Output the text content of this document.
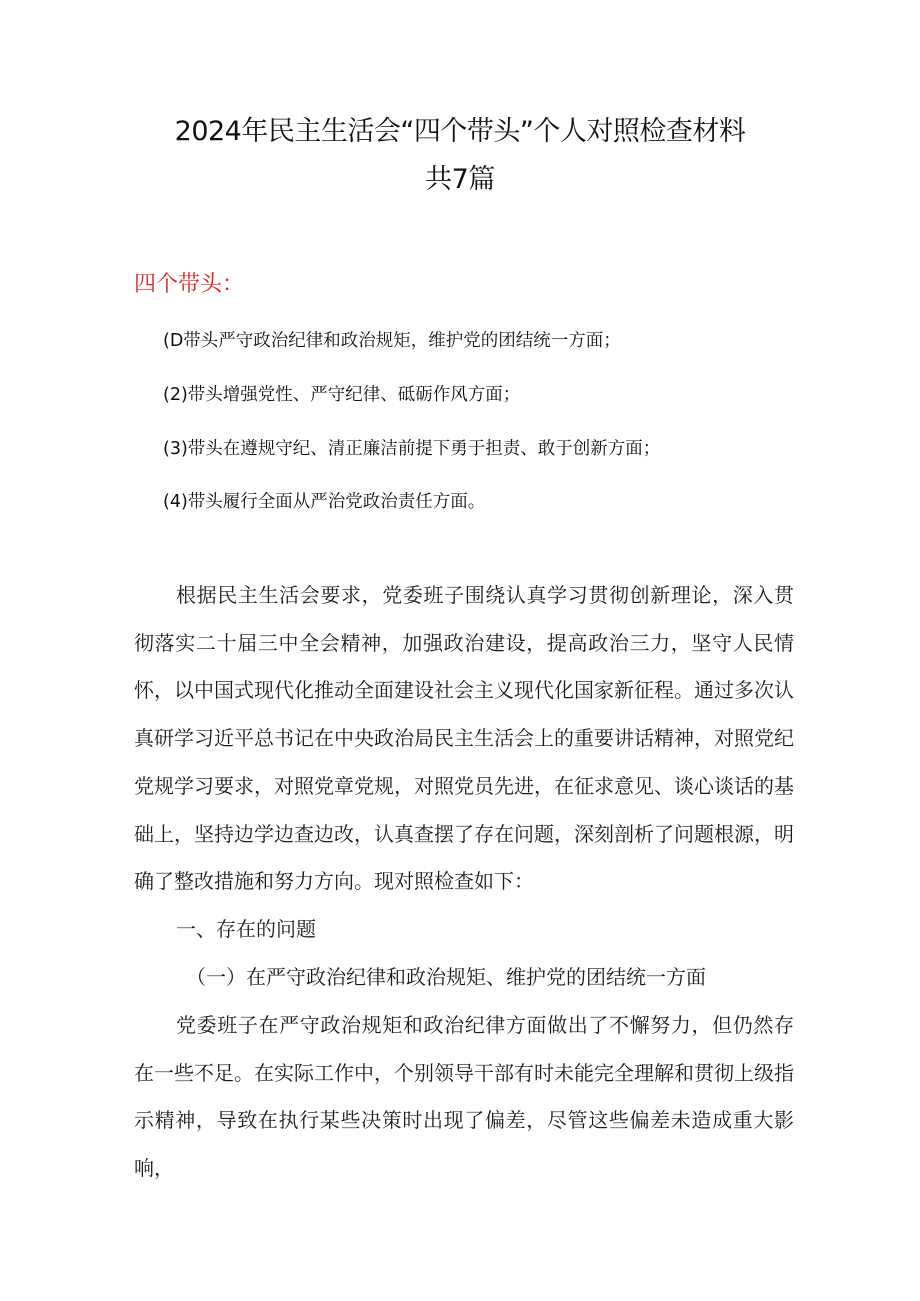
2024年民主生活会“四个带头”个人对照检查材料
共7篇
四个带头：
(D带头严守政治纪律和政治规矩，维护党的团结统一方面；
(2)带头增强党性、严守纪律、砥砺作风方面；
(3)带头在遵规守纪、清正廉洁前提下勇于担责、敢于创新方面；
(4)带头履行全面从严治党政治责任方面。

根据民主生活会要求，党委班子围绕认真学习贯彻创新理论，深入贯彻落实二十届三中全会精神，加强政治建设，提高政治三力，坚守人民情怀，以中国式现代化推动全面建设社会主义现代化国家新征程。通过多次认真研学习近平总书记在中央政治局民主生活会上的重要讲话精神，对照党纪党规学习要求，对照党章党规，对照党员先进，在征求意见、谈心谈话的基础上，坚持边学边查边改，认真查摆了存在问题，深刻剖析了问题根源，明确了整改措施和努力方向。现对照检查如下：

一、存在的问题
（一）在严守政治纪律和政治规矩、维护党的团结统一方面

党委班子在严守政治规矩和政治纪律方面做出了不懈努力，但仍然存在一些不足。在实际工作中，个别领导干部有时未能完全理解和贯彻上级指示精神，导致在执行某些决策时出现了偏差，尽管这些偏差未造成重大影响，
